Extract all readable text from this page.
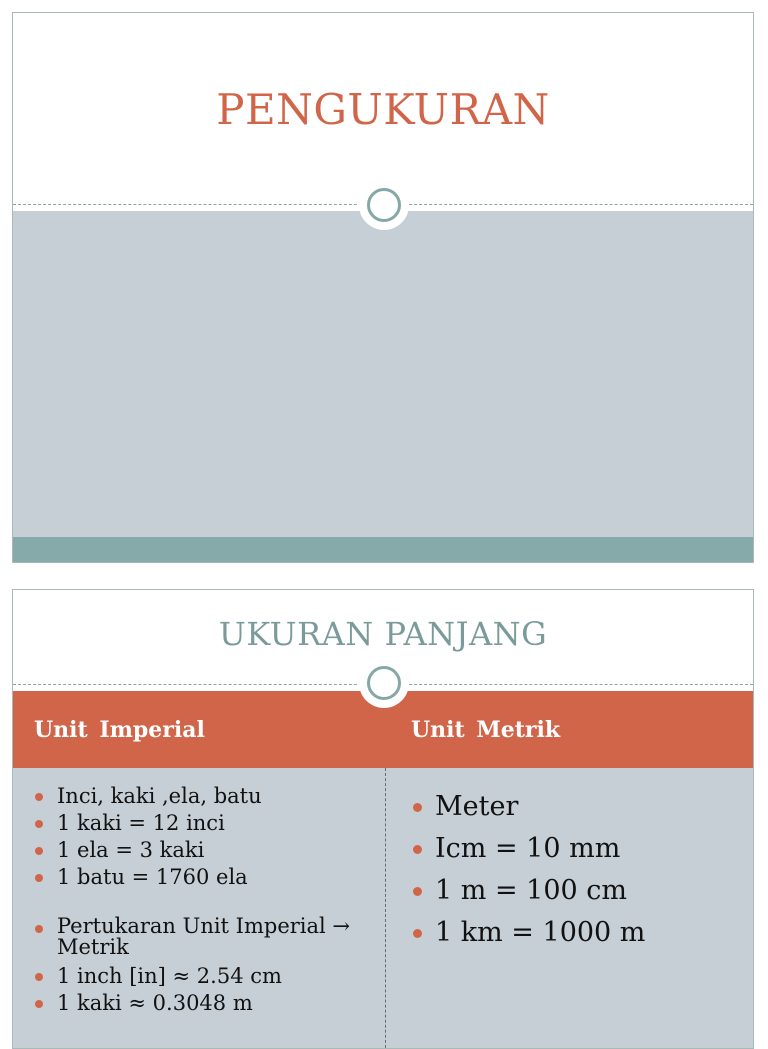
PENGUKURAN
UKURAN PANJANG
Unit Imperial	Unit Metrik
Inci, kaki ,ela, batu
1 kaki = 12 inci
1 ela = 3 kaki
1 batu = 1760 ela
Pertukaran Unit Imperial → Metrik
1 inch [in] ≈ 2.54 cm
1 kaki ≈ 0.3048 m
Meter
Icm = 10 mm
1 m = 100 cm
1 km = 1000 m
